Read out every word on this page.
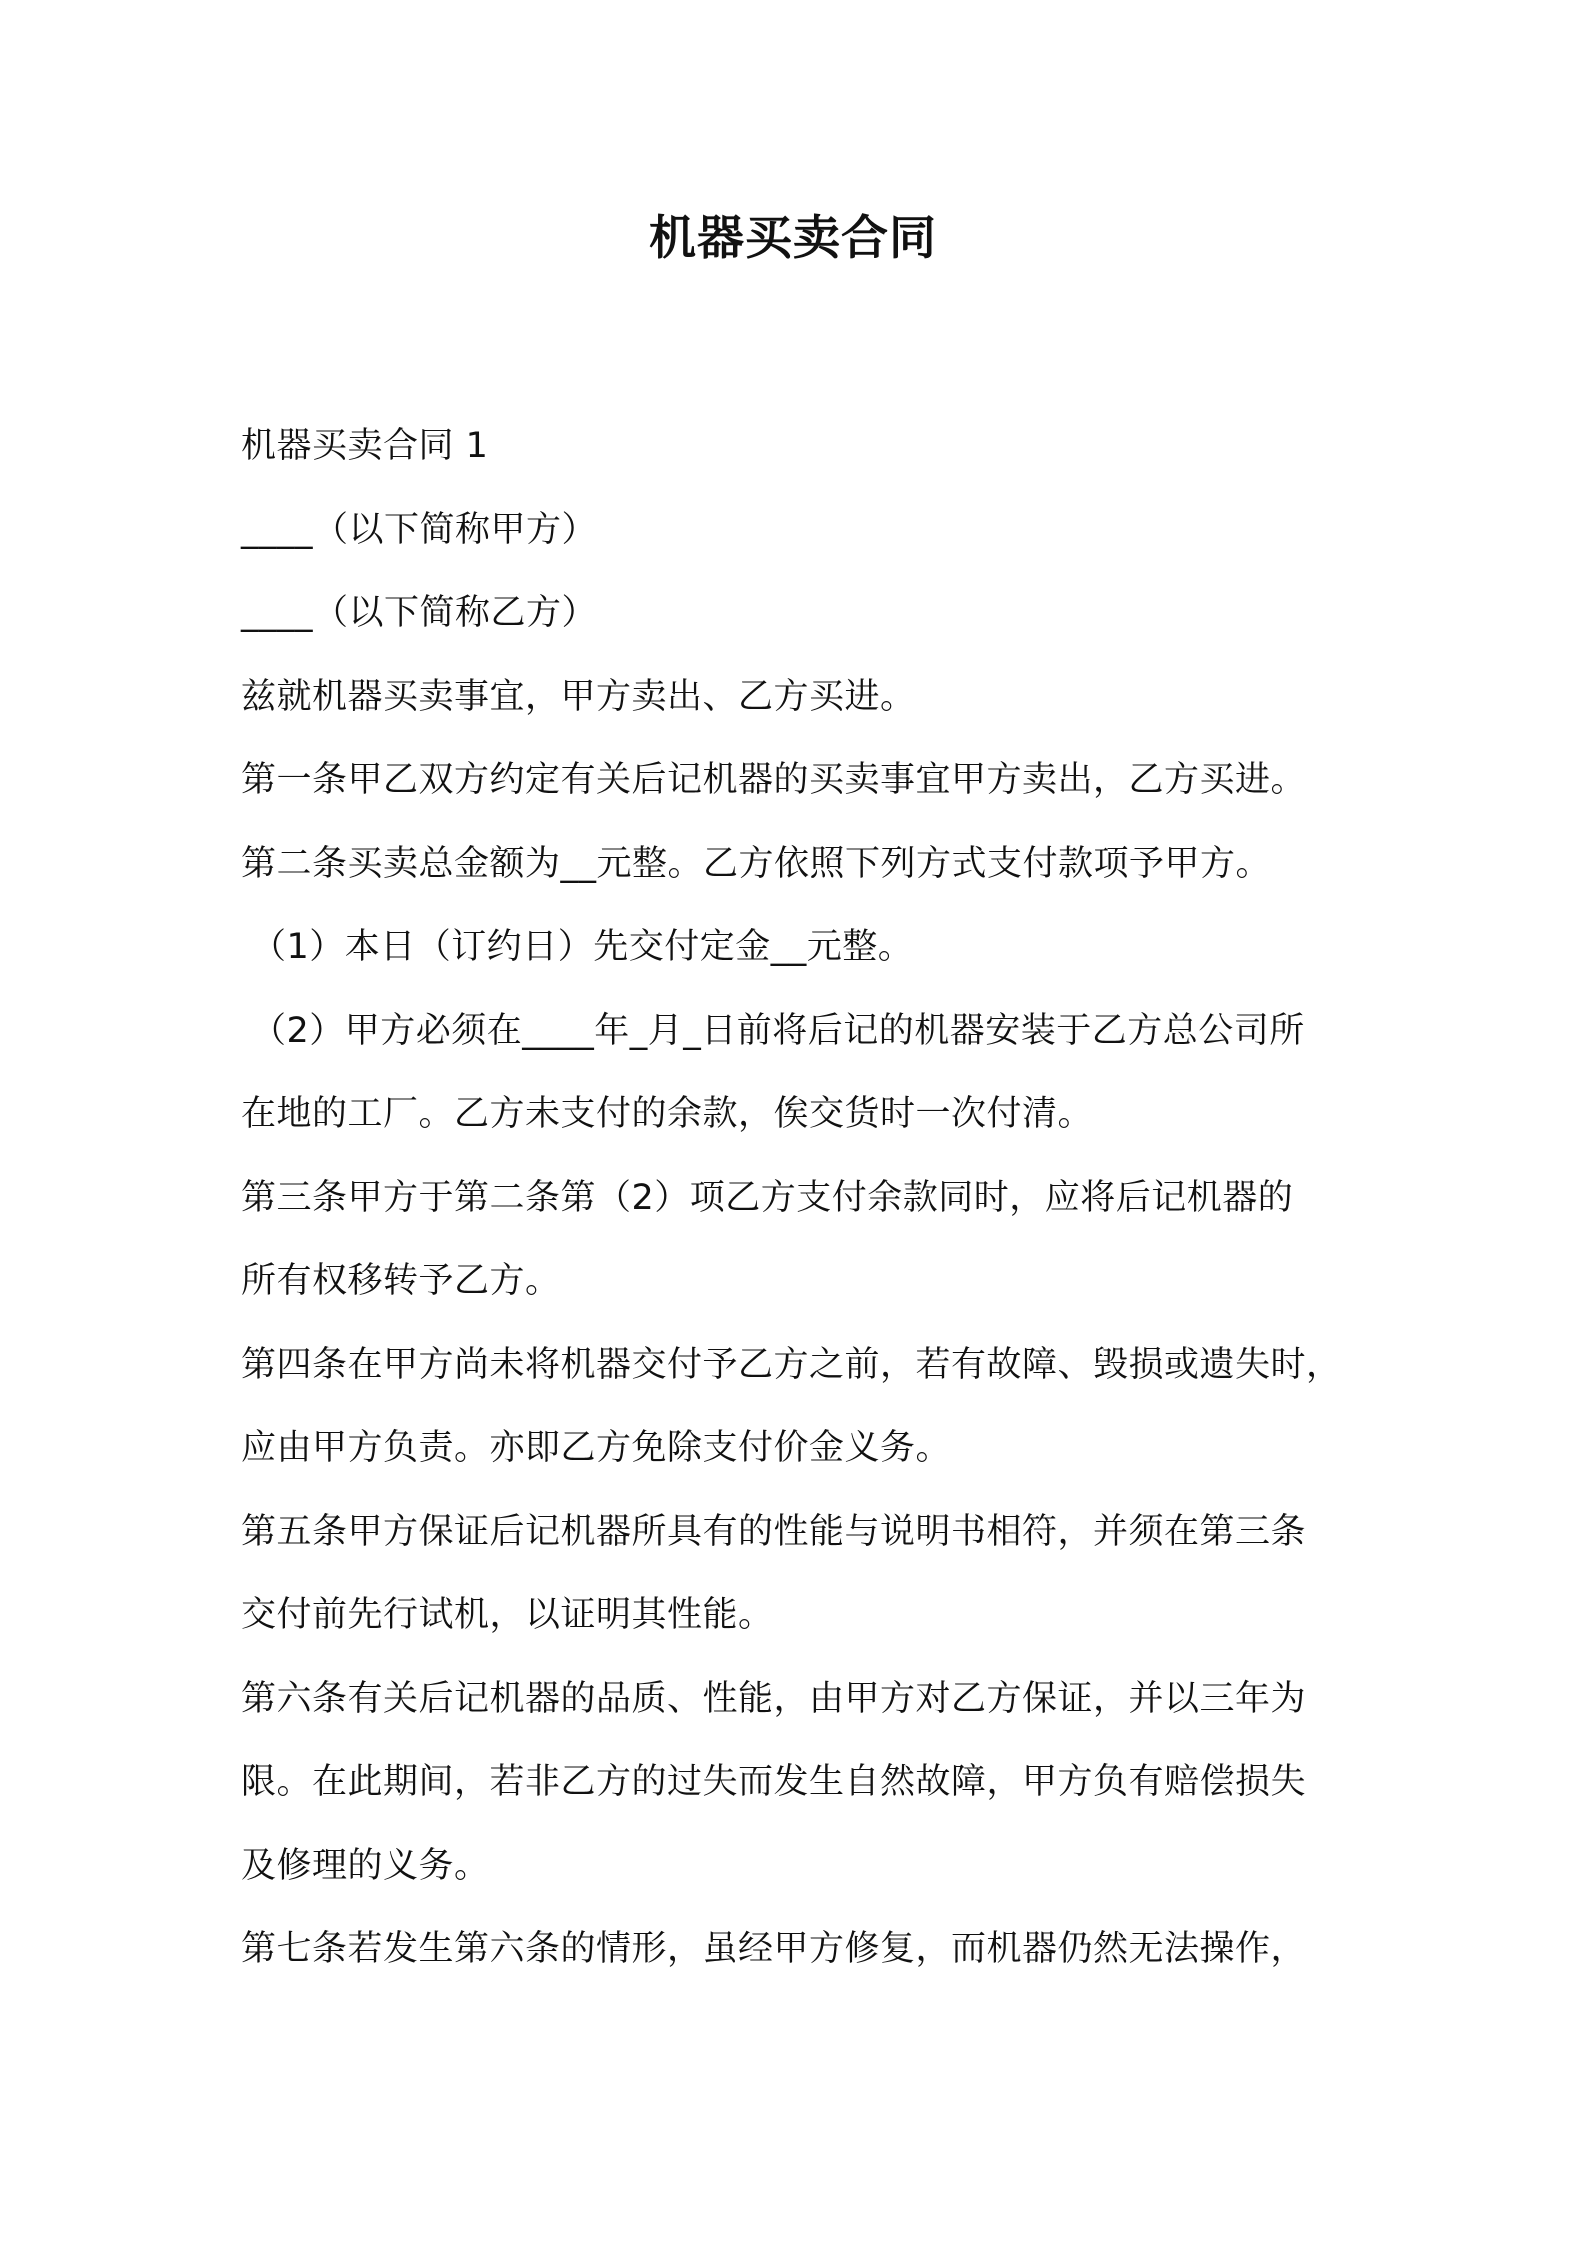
机器买卖合同
机器买卖合同 1
____（以下简称甲方）
____（以下简称乙方）
兹就机器买卖事宜，甲方卖出、乙方买进。
第一条甲乙双方约定有关后记机器的买卖事宜甲方卖出，乙方买进。
第二条买卖总金额为__元整。乙方依照下列方式支付款项予甲方。
（1）本日（订约日）先交付定金__元整。
（2）甲方必须在____年_月_日前将后记的机器安装于乙方总公司所
在地的工厂。乙方未支付的余款，俟交货时一次付清。
第三条甲方于第二条第（2）项乙方支付余款同时，应将后记机器的
所有权移转予乙方。
第四条在甲方尚未将机器交付予乙方之前，若有故障、毁损或遗失时，
应由甲方负责。亦即乙方免除支付价金义务。
第五条甲方保证后记机器所具有的性能与说明书相符，并须在第三条
交付前先行试机，以证明其性能。
第六条有关后记机器的品质、性能，由甲方对乙方保证，并以三年为
限。在此期间，若非乙方的过失而发生自然故障，甲方负有赔偿损失
及修理的义务。
第七条若发生第六条的情形，虽经甲方修复，而机器仍然无法操作，
